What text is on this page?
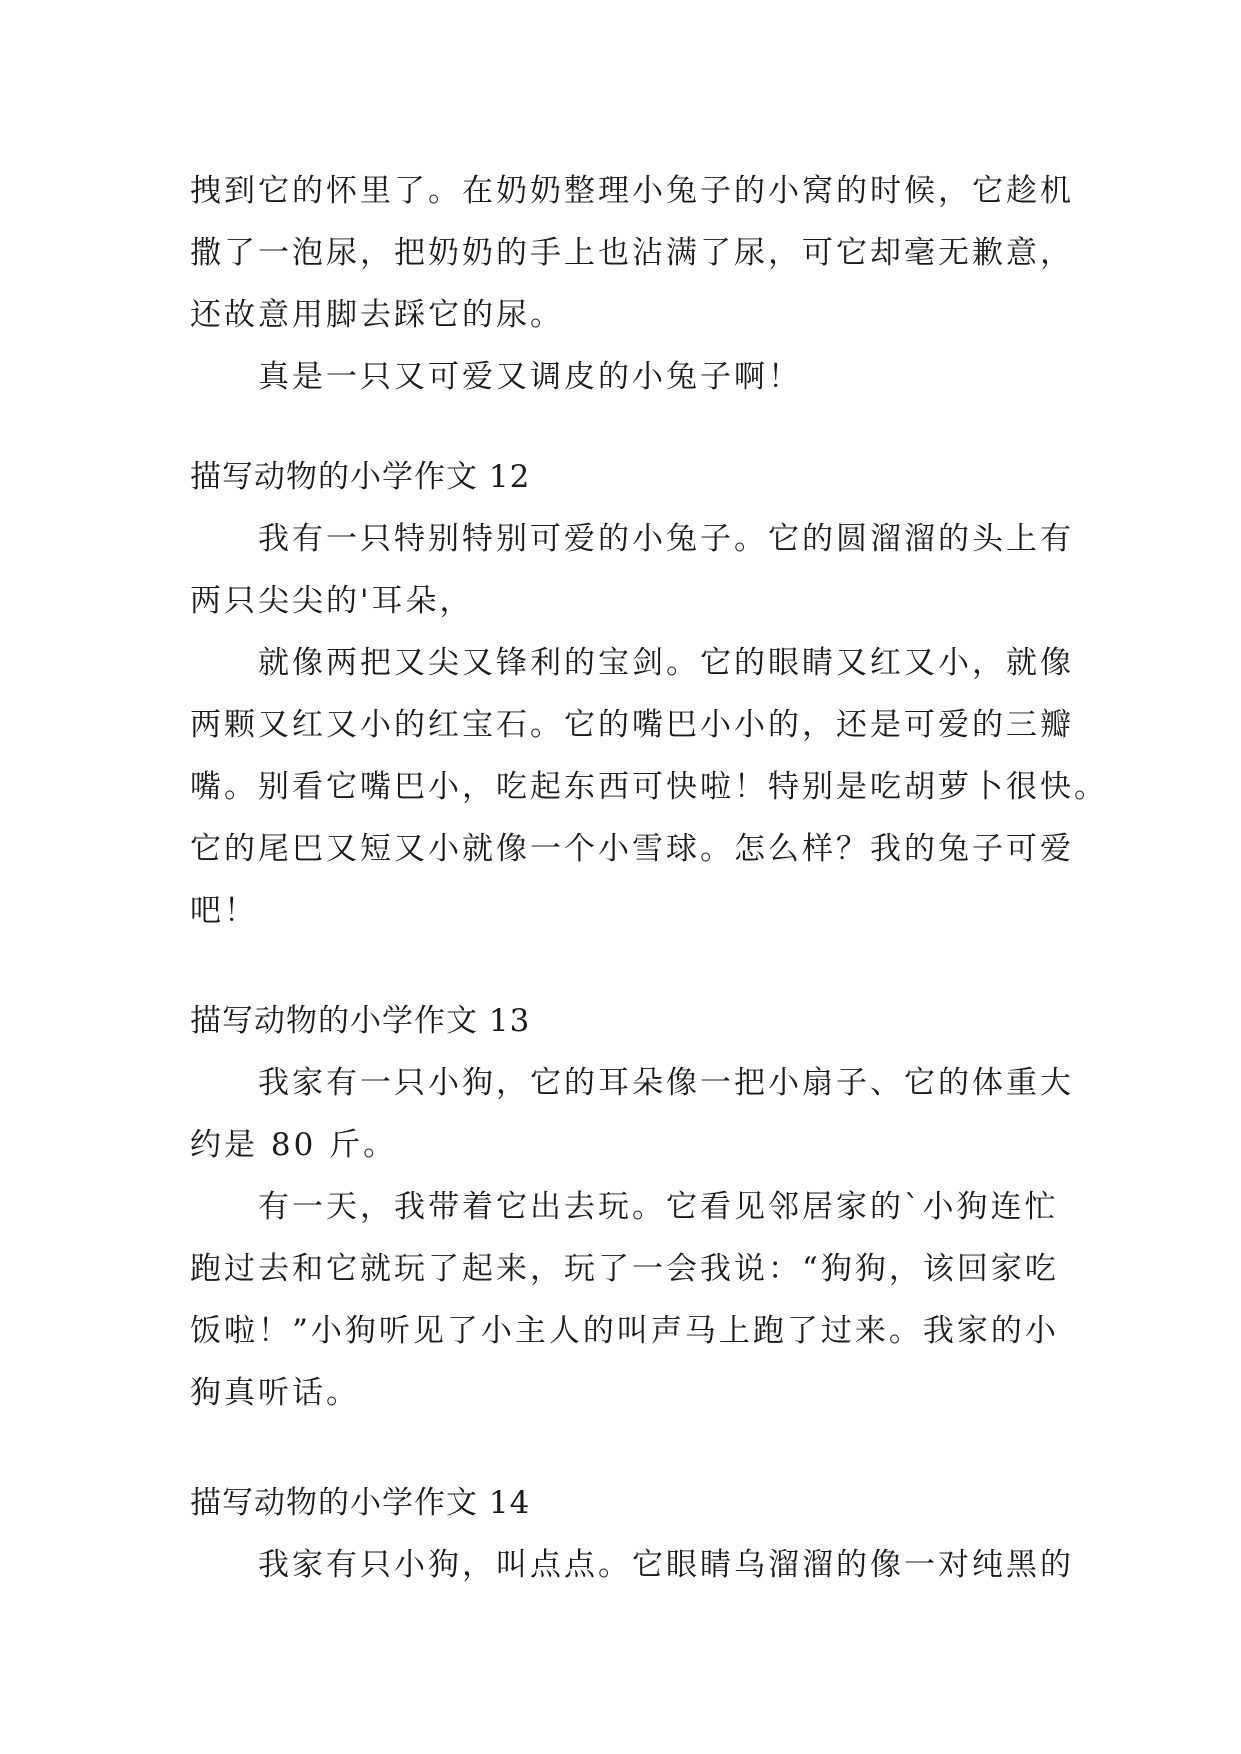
拽到它的怀里了。在奶奶整理小兔子的小窝的时候，它趁机
撒了一泡尿，把奶奶的手上也沾满了尿，可它却毫无歉意，
还故意用脚去踩它的尿。
真是一只又可爱又调皮的小兔子啊！
描写动物的小学作文 12
我有一只特别特别可爱的小兔子。它的圆溜溜的头上有
两只尖尖的'耳朵，
就像两把又尖又锋利的宝剑。它的眼睛又红又小，就像
两颗又红又小的红宝石。它的嘴巴小小的，还是可爱的三瓣
嘴。别看它嘴巴小，吃起东西可快啦！特别是吃胡萝卜很快。
它的尾巴又短又小就像一个小雪球。怎么样？我的兔子可爱
吧！
描写动物的小学作文 13
我家有一只小狗，它的耳朵像一把小扇子、它的体重大
约是 80 斤。
有一天，我带着它出去玩。它看见邻居家的`小狗连忙
跑过去和它就玩了起来，玩了一会我说：“狗狗，该回家吃
饭啦！”小狗听见了小主人的叫声马上跑了过来。我家的小
狗真听话。
描写动物的小学作文 14
我家有只小狗，叫点点。它眼睛乌溜溜的像一对纯黑的
